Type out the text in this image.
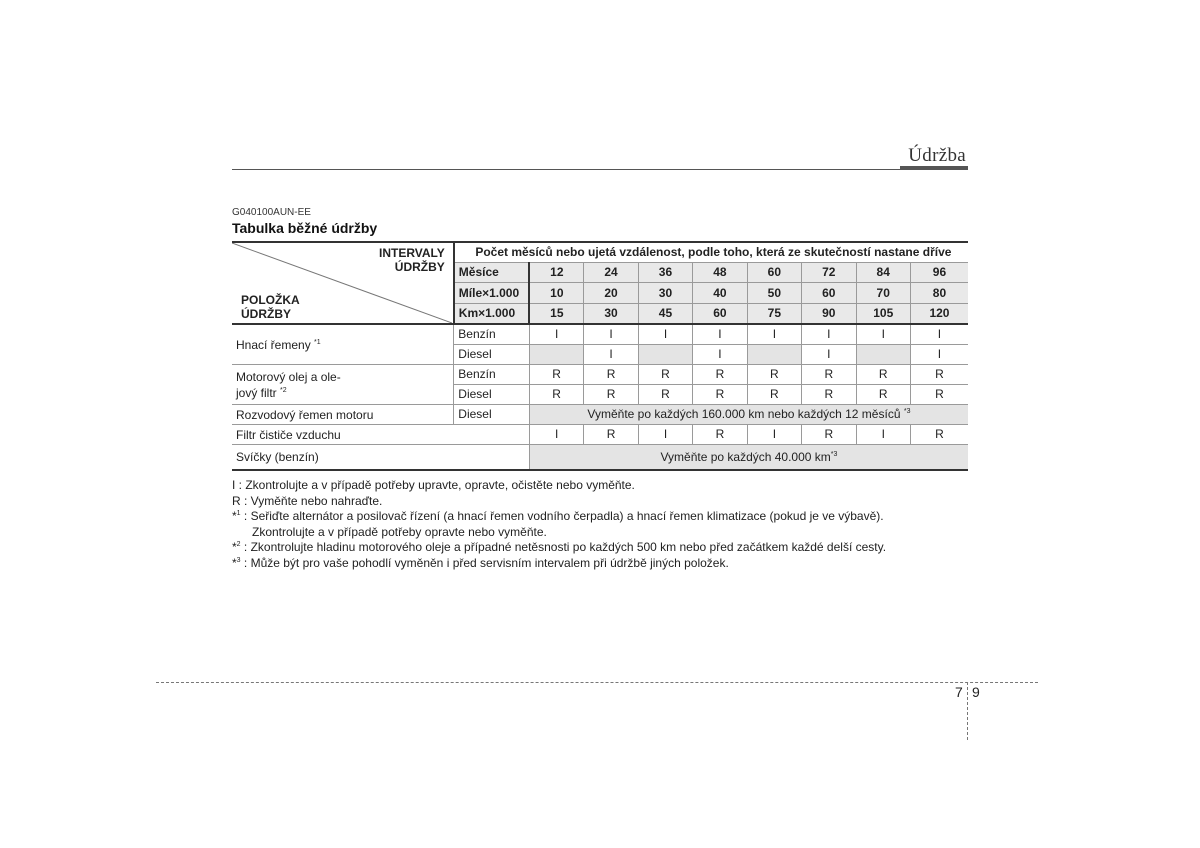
Údržba
G040100AUN-EE
Tabulka běžné údržby
INTERVALY ÚDRŽBY
POLOŽKA ÚDRŽBY	Počet měsíců nebo ujetá vzdálenost, podle toho, která ze skutečností nastane dříve								
	Měsíce	12	24	36	48	60	72	84	96
	Míle×1.000	10	20	30	40	50	60	70	80
	Km×1.000	15	30	45	60	75	90	105	120
Hnací řemeny $^{*1}$	Benzín	I	I	I	I	I	I	I	I
	Diesel		I		I		I		I
Motorový olej a ole-
jový filtr $^{*2}$	Benzín	R	R	R	R	R	R	R	R
	Diesel	R	R	R	R	R	R	R	R
Rozvodový řemen motoru	Diesel	Vyměňte po každých 160.000 km nebo každých 12 měsíců $^{*3}$
Filtr čističe vzduchu		I	R	I	R	I	R	I	R
Svíčky (benzín)		Vyměňte po každých 40.000 $km^{*3}$

I : Zkontrolujte a v případě potřeby upravte, opravte, očistěte nebo vyměňte.

R : Vyměňte nebo nahraďte.

*$^1$ : Seřiďte alternátor a posilovač řízení (a hnací řemen vodního čerpadla) a hnací řemen klimatizace (pokud je ve výbavě).

Zkontrolujte a v případě potřeby opravte nebo vyměňte.

*$^2$ : Zkontrolujte hladinu motorového oleje a případné netěsnosti po každých 500 km nebo před začátkem každé delší cesty.

*$^3$ : Může být pro vaše pohodlí vyměněn i před servisním intervalem při údržbě jiných položek.

7 9
